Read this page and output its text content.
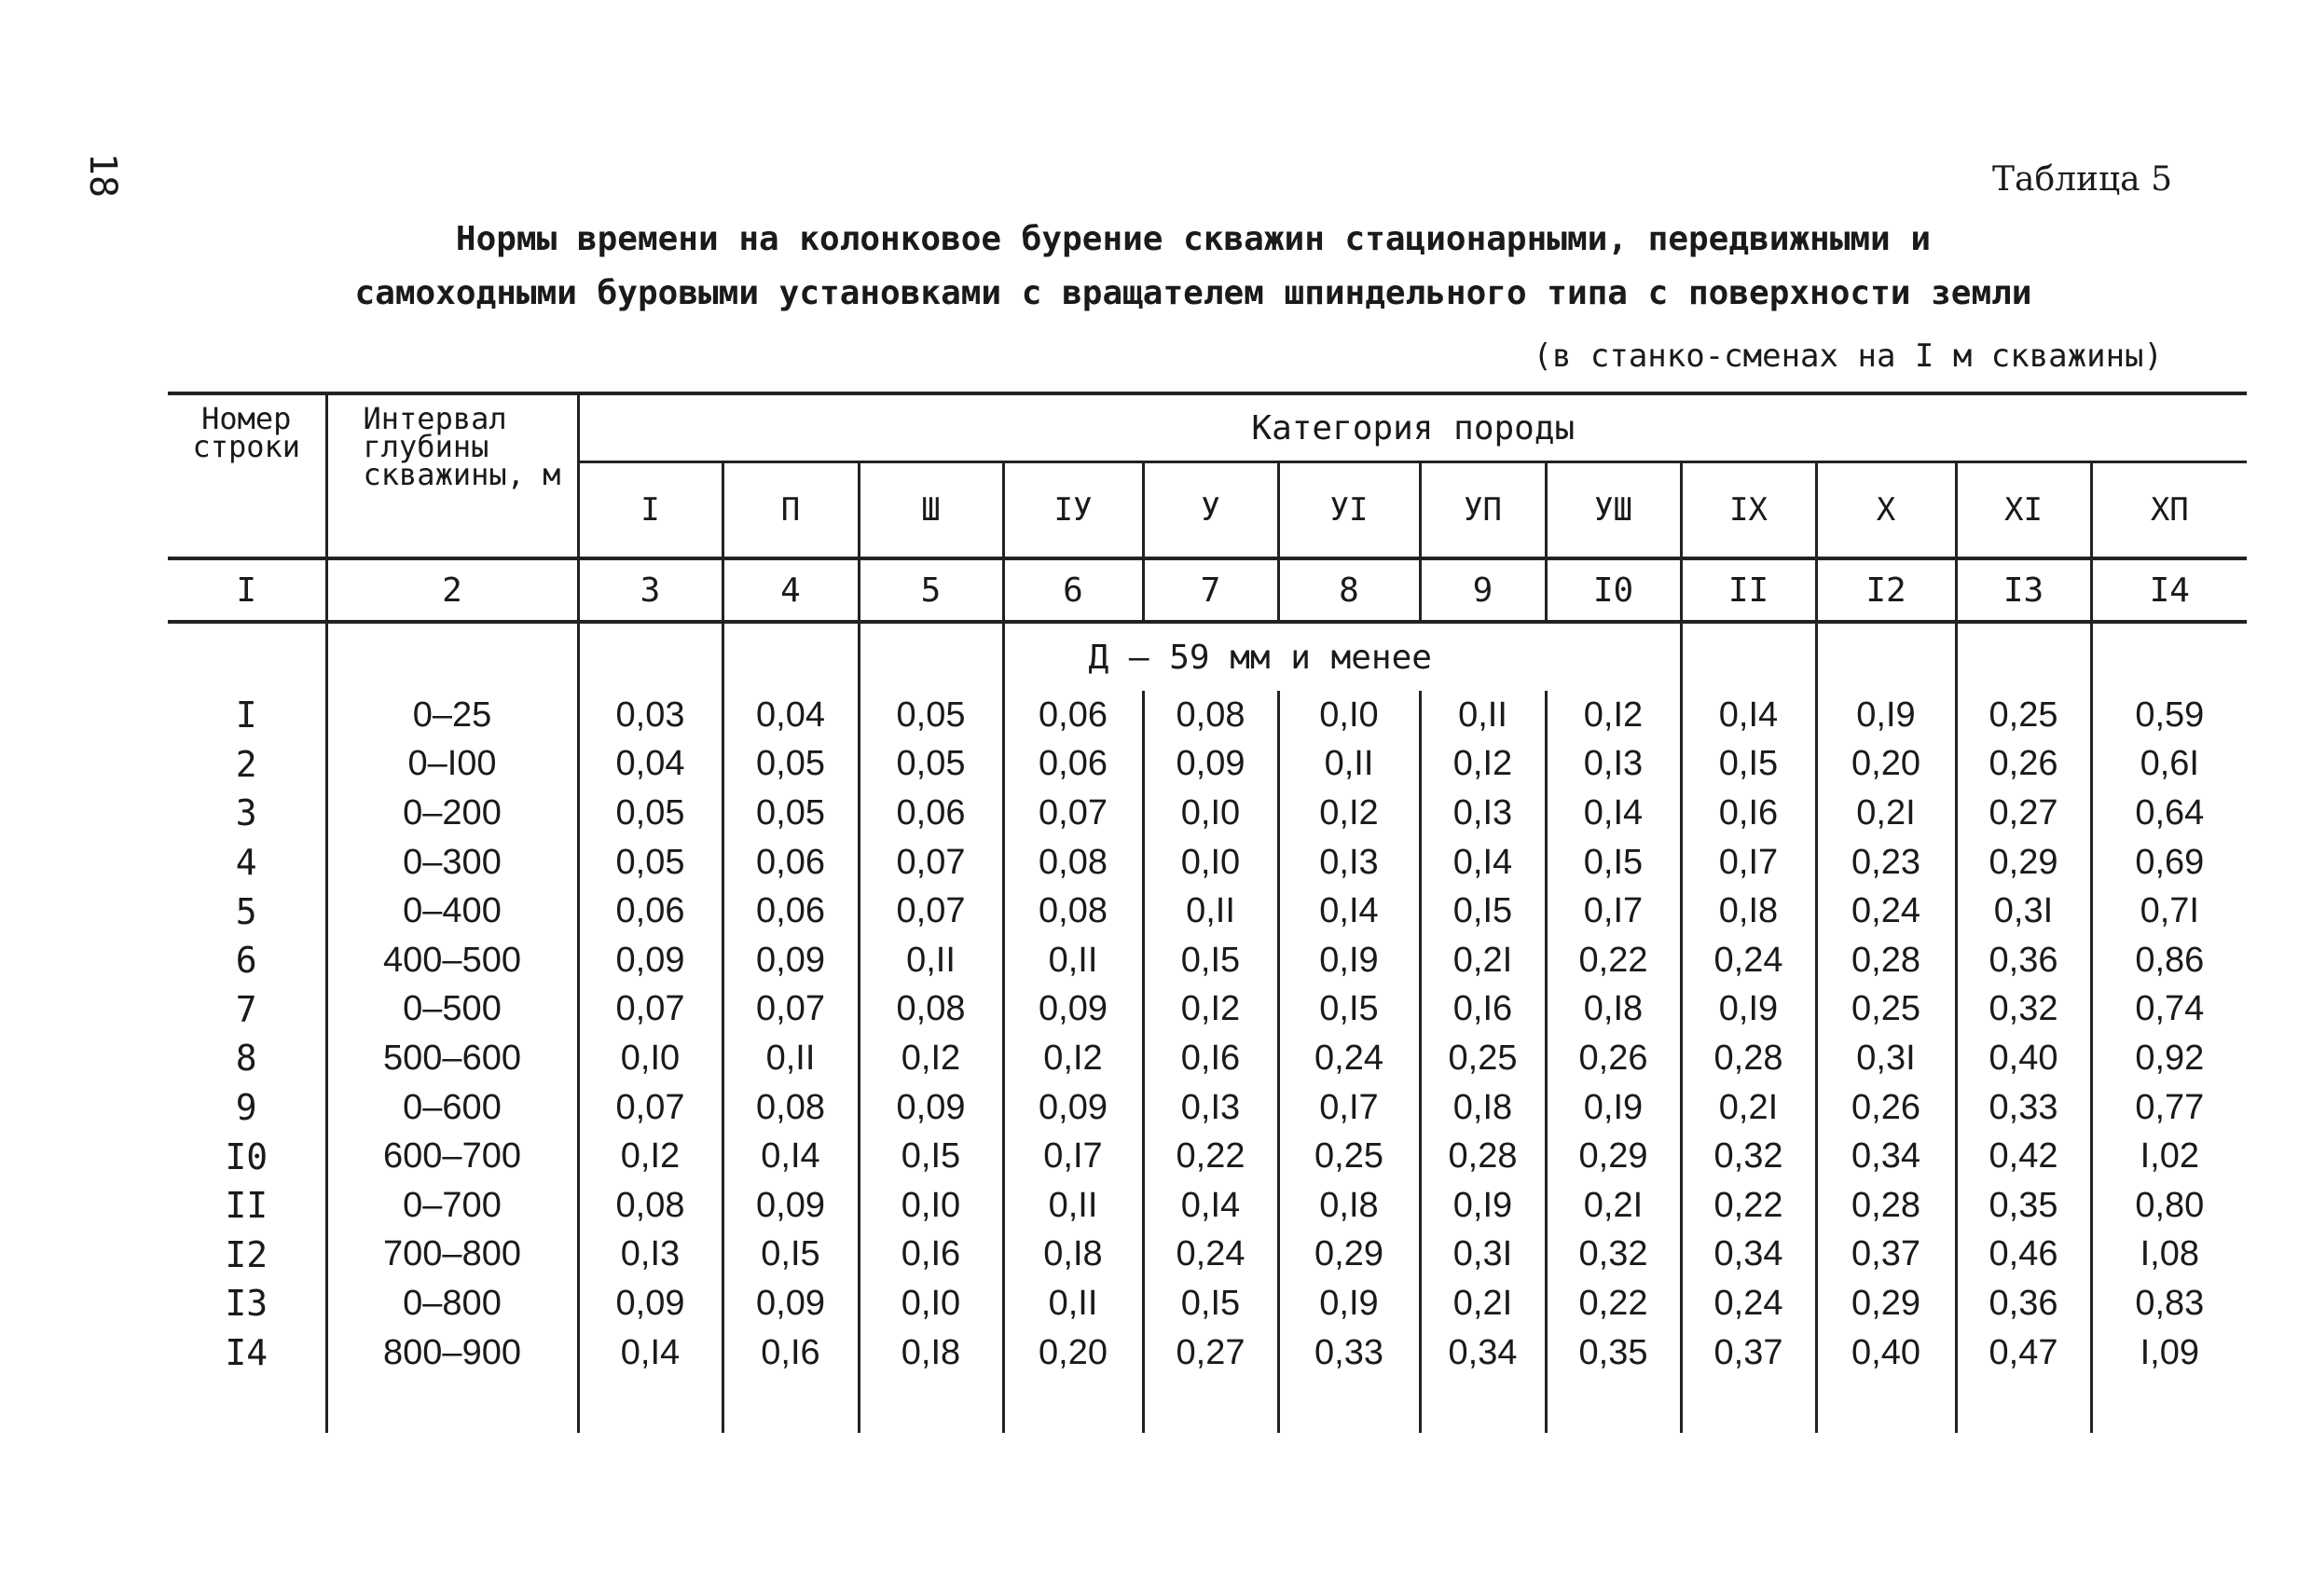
18	Таблица 5
Нормы времени на колонковое бурение скважин стационарными, передвижными и
самоходными буровыми установками с вращателем шпиндельного типа с поверхности земли
(в станко-сменах на I м скважины)
Номер строки	Интервал глубины скважины, м	Категория породы											
		I	П	Ш	IУ	У	УI	УП	УШ	IX	X	XI	XП
I	2	3	4	5	6	7	8	9	I0	II	I2	I3	I4
					Д – 59 мм и менее								
I	0–25	0,03	0,04	0,05	0,06	0,08	0,I0	0,II	0,I2	0,I4	0,I9	0,25	0,59
2	0–I00	0,04	0,05	0,05	0,06	0,09	0,II	0,I2	0,I3	0,I5	0,20	0,26	0,6I
3	0–200	0,05	0,05	0,06	0,07	0,I0	0,I2	0,I3	0,I4	0,I6	0,2I	0,27	0,64
4	0–300	0,05	0,06	0,07	0,08	0,I0	0,I3	0,I4	0,I5	0,I7	0,23	0,29	0,69
5	0–400	0,06	0,06	0,07	0,08	0,II	0,I4	0,I5	0,I7	0,I8	0,24	0,3I	0,7I
6	400–500	0,09	0,09	0,II	0,II	0,I5	0,I9	0,2I	0,22	0,24	0,28	0,36	0,86
7	0–500	0,07	0,07	0,08	0,09	0,I2	0,I5	0,I6	0,I8	0,I9	0,25	0,32	0,74
8	500–600	0,I0	0,II	0,I2	0,I2	0,I6	0,24	0,25	0,26	0,28	0,3I	0,40	0,92
9	0–600	0,07	0,08	0,09	0,09	0,I3	0,I7	0,I8	0,I9	0,2I	0,26	0,33	0,77
I0	600–700	0,I2	0,I4	0,I5	0,I7	0,22	0,25	0,28	0,29	0,32	0,34	0,42	I,02
II	0–700	0,08	0,09	0,I0	0,II	0,I4	0,I8	0,I9	0,2I	0,22	0,28	0,35	0,80
I2	700–800	0,I3	0,I5	0,I6	0,I8	0,24	0,29	0,3I	0,32	0,34	0,37	0,46	I,08
I3	0–800	0,09	0,09	0,I0	0,II	0,I5	0,I9	0,2I	0,22	0,24	0,29	0,36	0,83
I4	800–900	0,I4	0,I6	0,I8	0,20	0,27	0,33	0,34	0,35	0,37	0,40	0,47	I,09
